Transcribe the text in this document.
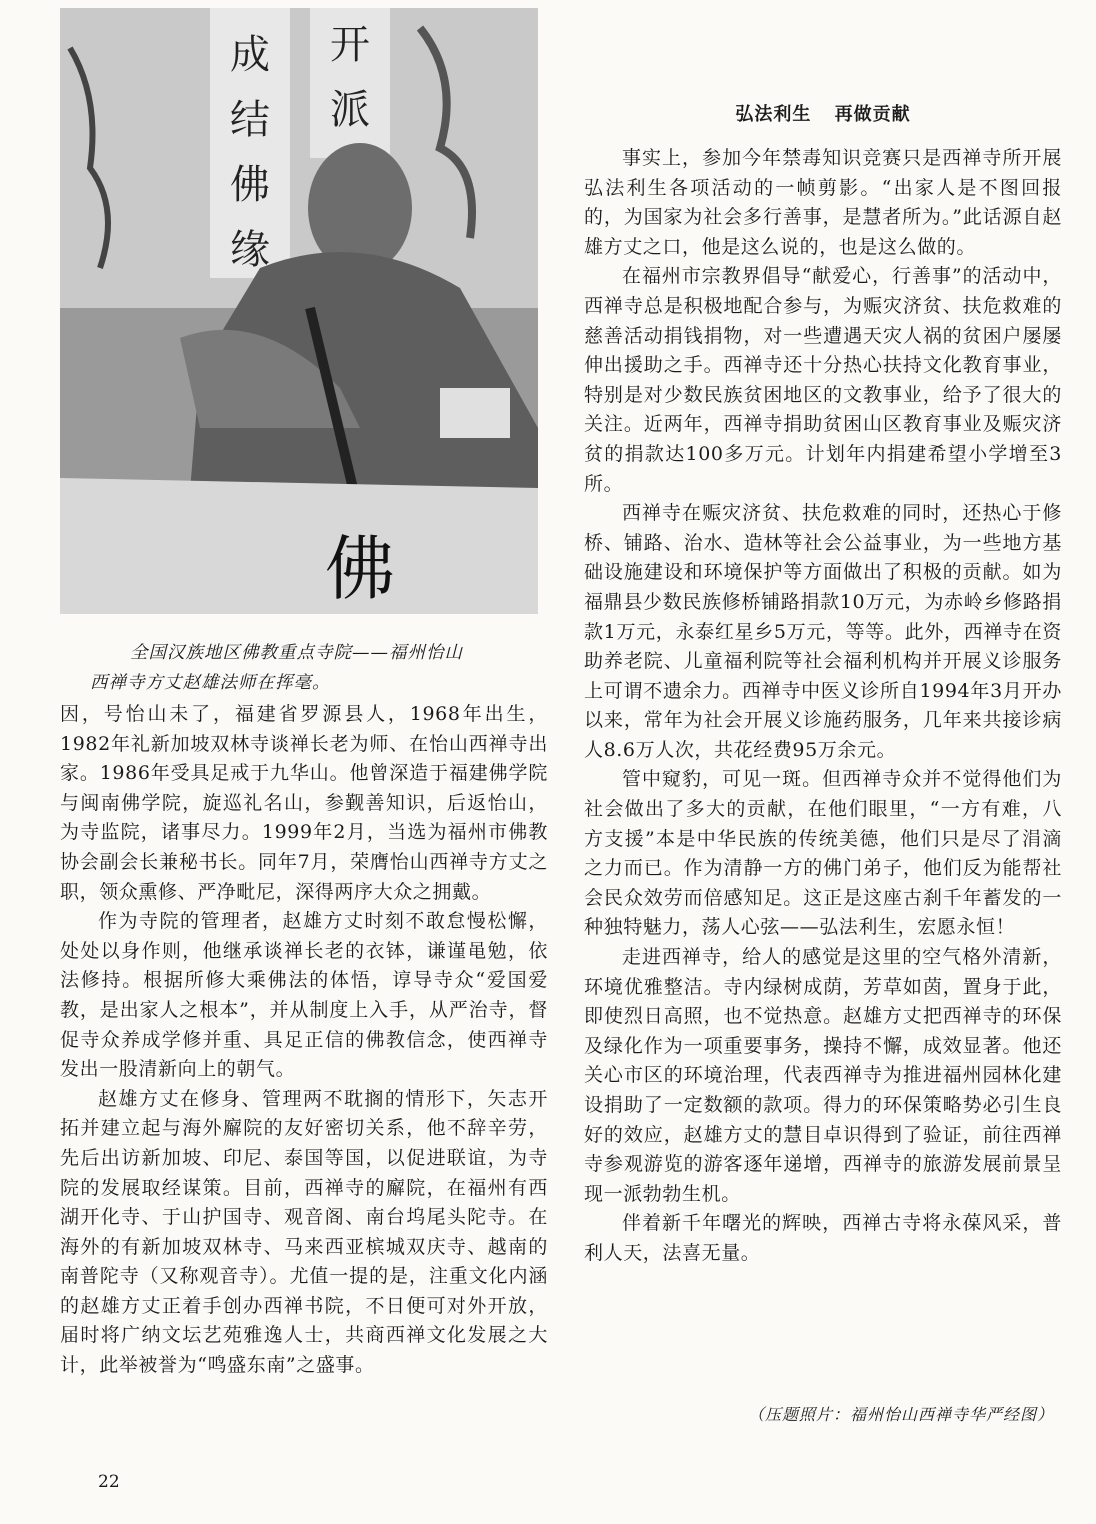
成
结
佛
缘
开
派
佛
全国汉族地区佛教重点寺院——福州怡山
西禅寺方丈赵雄法师在挥毫。

因，号怡山未了，福建省罗源县人，1968年出生，1982年礼新加坡双林寺谈禅长老为师、在怡山西禅寺出家。1986年受具足戒于九华山。他曾深造于福建佛学院与闽南佛学院，旋巡礼名山，参觐善知识，后返怡山，为寺监院，诸事尽力。1999年2月，当选为福州市佛教协会副会长兼秘书长。同年7月，荣膺怡山西禅寺方丈之职，领众熏修、严净毗尼，深得两序大众之拥戴。

作为寺院的管理者，赵雄方丈时刻不敢怠慢松懈，处处以身作则，他继承谈禅长老的衣钵，谦谨黾勉，依法修持。根据所修大乘佛法的体悟，谆导寺众“爱国爱教，是出家人之根本”，并从制度上入手，从严治寺，督促寺众养成学修并重、具足正信的佛教信念，使西禅寺发出一股清新向上的朝气。

赵雄方丈在修身、管理两不耽搁的情形下，矢志开拓并建立起与海外廨院的友好密切关系，他不辞辛劳，先后出访新加坡、印尼、泰国等国，以促进联谊，为寺院的发展取经谋策。目前，西禅寺的廨院，在福州有西湖开化寺、于山护国寺、观音阁、南台坞尾头陀寺。在海外的有新加坡双林寺、马来西亚槟城双庆寺、越南的南普陀寺（又称观音寺）。尤值一提的是，注重文化内涵的赵雄方丈正着手创办西禅书院，不日便可对外开放，届时将广纳文坛艺苑雅逸人士，共商西禅文化发展之大计，此举被誉为“鸣盛东南”之盛事。

弘法利生 再做贡献

事实上，参加今年禁毒知识竞赛只是西禅寺所开展弘法利生各项活动的一帧剪影。“出家人是不图回报的，为国家为社会多行善事，是慧者所为。”此话源自赵雄方丈之口，他是这么说的，也是这么做的。

在福州市宗教界倡导“献爱心，行善事”的活动中，西禅寺总是积极地配合参与，为赈灾济贫、扶危救难的慈善活动捐钱捐物，对一些遭遇天灾人祸的贫困户屡屡伸出援助之手。西禅寺还十分热心扶持文化教育事业，特别是对少数民族贫困地区的文教事业，给予了很大的关注。近两年，西禅寺捐助贫困山区教育事业及赈灾济贫的捐款达100多万元。计划年内捐建希望小学增至3所。

西禅寺在赈灾济贫、扶危救难的同时，还热心于修桥、铺路、治水、造林等社会公益事业，为一些地方基础设施建设和环境保护等方面做出了积极的贡献。如为福鼎县少数民族修桥铺路捐款10万元，为赤岭乡修路捐款1万元，永泰红星乡5万元，等等。此外，西禅寺在资助养老院、儿童福利院等社会福利机构并开展义诊服务上可谓不遗余力。西禅寺中医义诊所自1994年3月开办以来，常年为社会开展义诊施药服务，几年来共接诊病人8.6万人次，共花经费95万余元。

管中窥豹，可见一斑。但西禅寺众并不觉得他们为社会做出了多大的贡献，在他们眼里，“一方有难，八方支援”本是中华民族的传统美德，他们只是尽了涓滴之力而已。作为清静一方的佛门弟子，他们反为能帮社会民众效劳而倍感知足。这正是这座古刹千年蓄发的一种独特魅力，荡人心弦——弘法利生，宏愿永恒！

走进西禅寺，给人的感觉是这里的空气格外清新，环境优雅整洁。寺内绿树成荫，芳草如茵，置身于此，即使烈日高照，也不觉热意。赵雄方丈把西禅寺的环保及绿化作为一项重要事务，操持不懈，成效显著。他还关心市区的环境治理，代表西禅寺为推进福州园林化建设捐助了一定数额的款项。得力的环保策略势必引生良好的效应，赵雄方丈的慧目卓识得到了验证，前往西禅寺参观游览的游客逐年递增，西禅寺的旅游发展前景呈现一派勃勃生机。

伴着新千年曙光的辉映，西禅古寺将永葆风采，普利人天，法喜无量。

（压题照片：福州怡山西禅寺华严经图）
22
